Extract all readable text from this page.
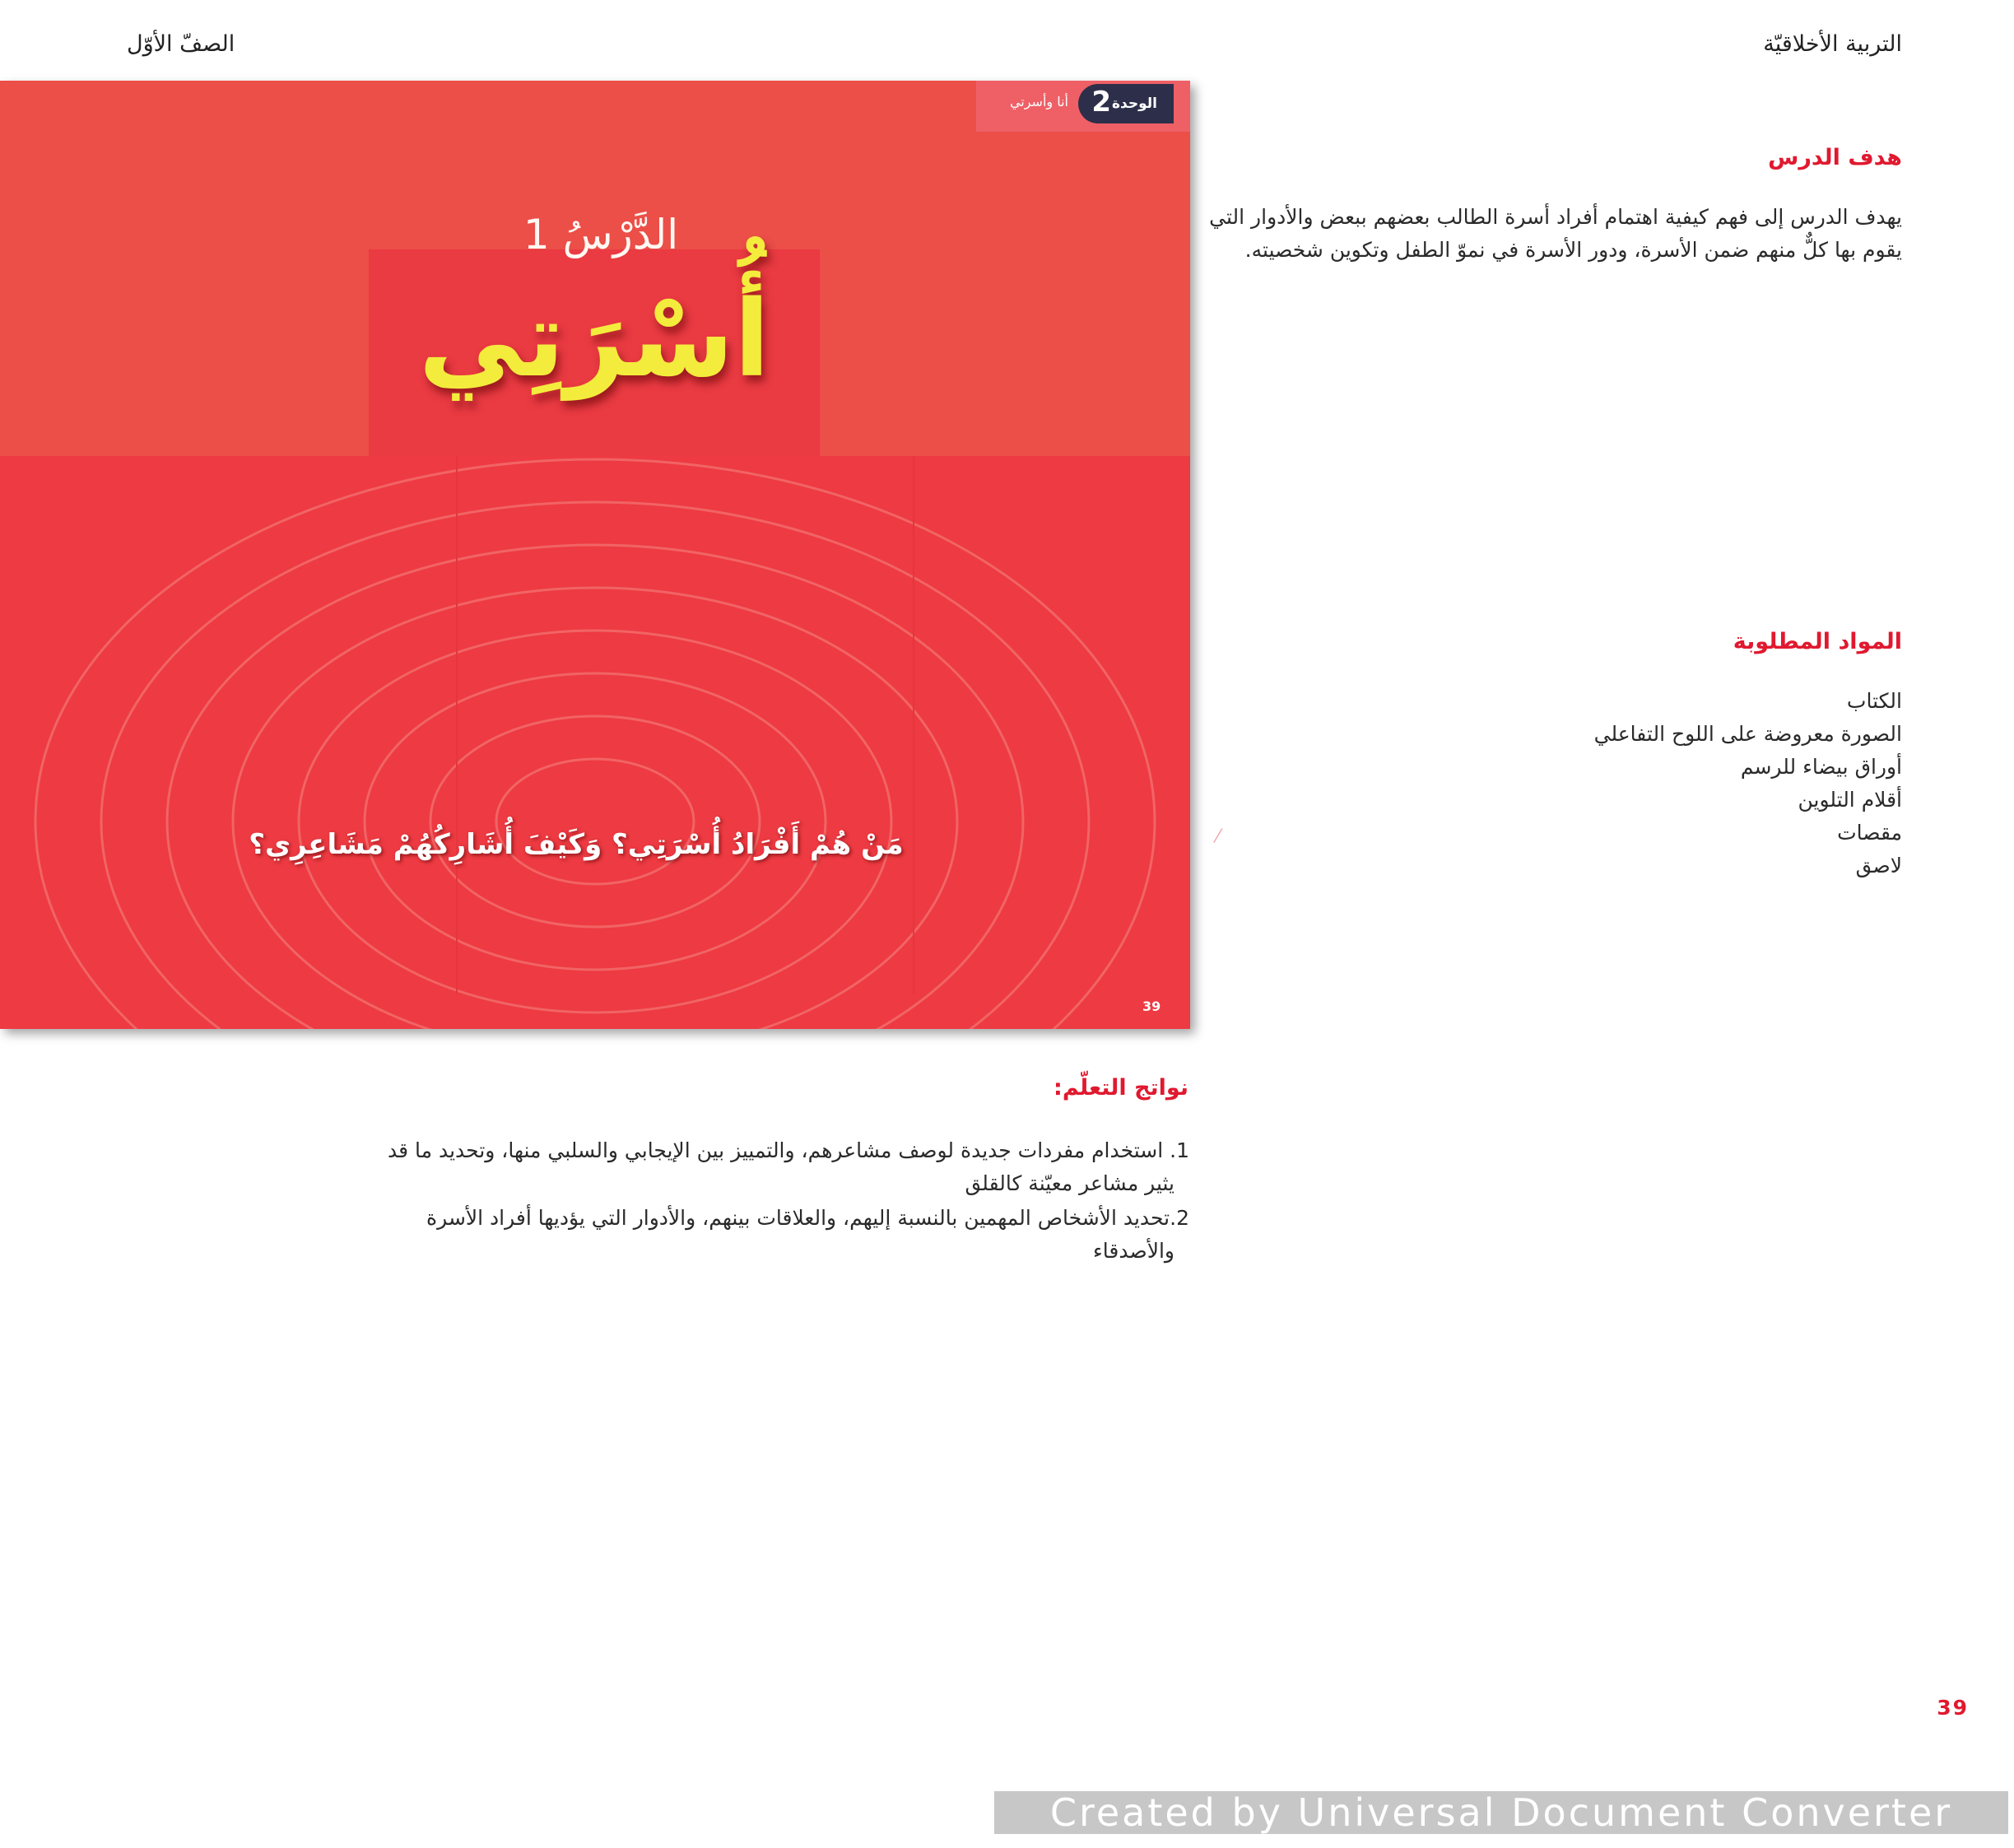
التربية الأخلاقيّة
الصفّ الأوّل
هدف الدرس
يهدف الدرس إلى فهم كيفية اهتمام أفراد أسرة الطالب بعضهم ببعض والأدوار التي يقوم بها كلٌّ منهم ضمن الأسرة، ودور الأسرة في نموّ الطفل وتكوين شخصيته.
المواد المطلوبة
الكتاب
الصورة معروضة على اللوح التفاعلي
أوراق بيضاء للرسم
أقلام التلوين
مقصات
لاصق
2 الوحدة
أنا وأسرتي
الدَّرْسُ 1
أُسْرَتِي
مَنْ هُمْ أَفْرَادُ أُسْرَتِي؟ وَكَيْفَ أُشَارِكُهُمْ مَشَاعِرِي؟
39
⁄
نواتج التعلّم:
1. استخدام مفردات جديدة لوصف مشاعرهم، والتمييز بين الإيجابي والسلبي منها، وتحديد ما قد
يثير مشاعر معيّنة كالقلق
2.تحديد الأشخاص المهمين بالنسبة إليهم، والعلاقات بينهم، والأدوار التي يؤديها أفراد الأسرة
والأصدقاء
39
Created by Universal Document Converter
